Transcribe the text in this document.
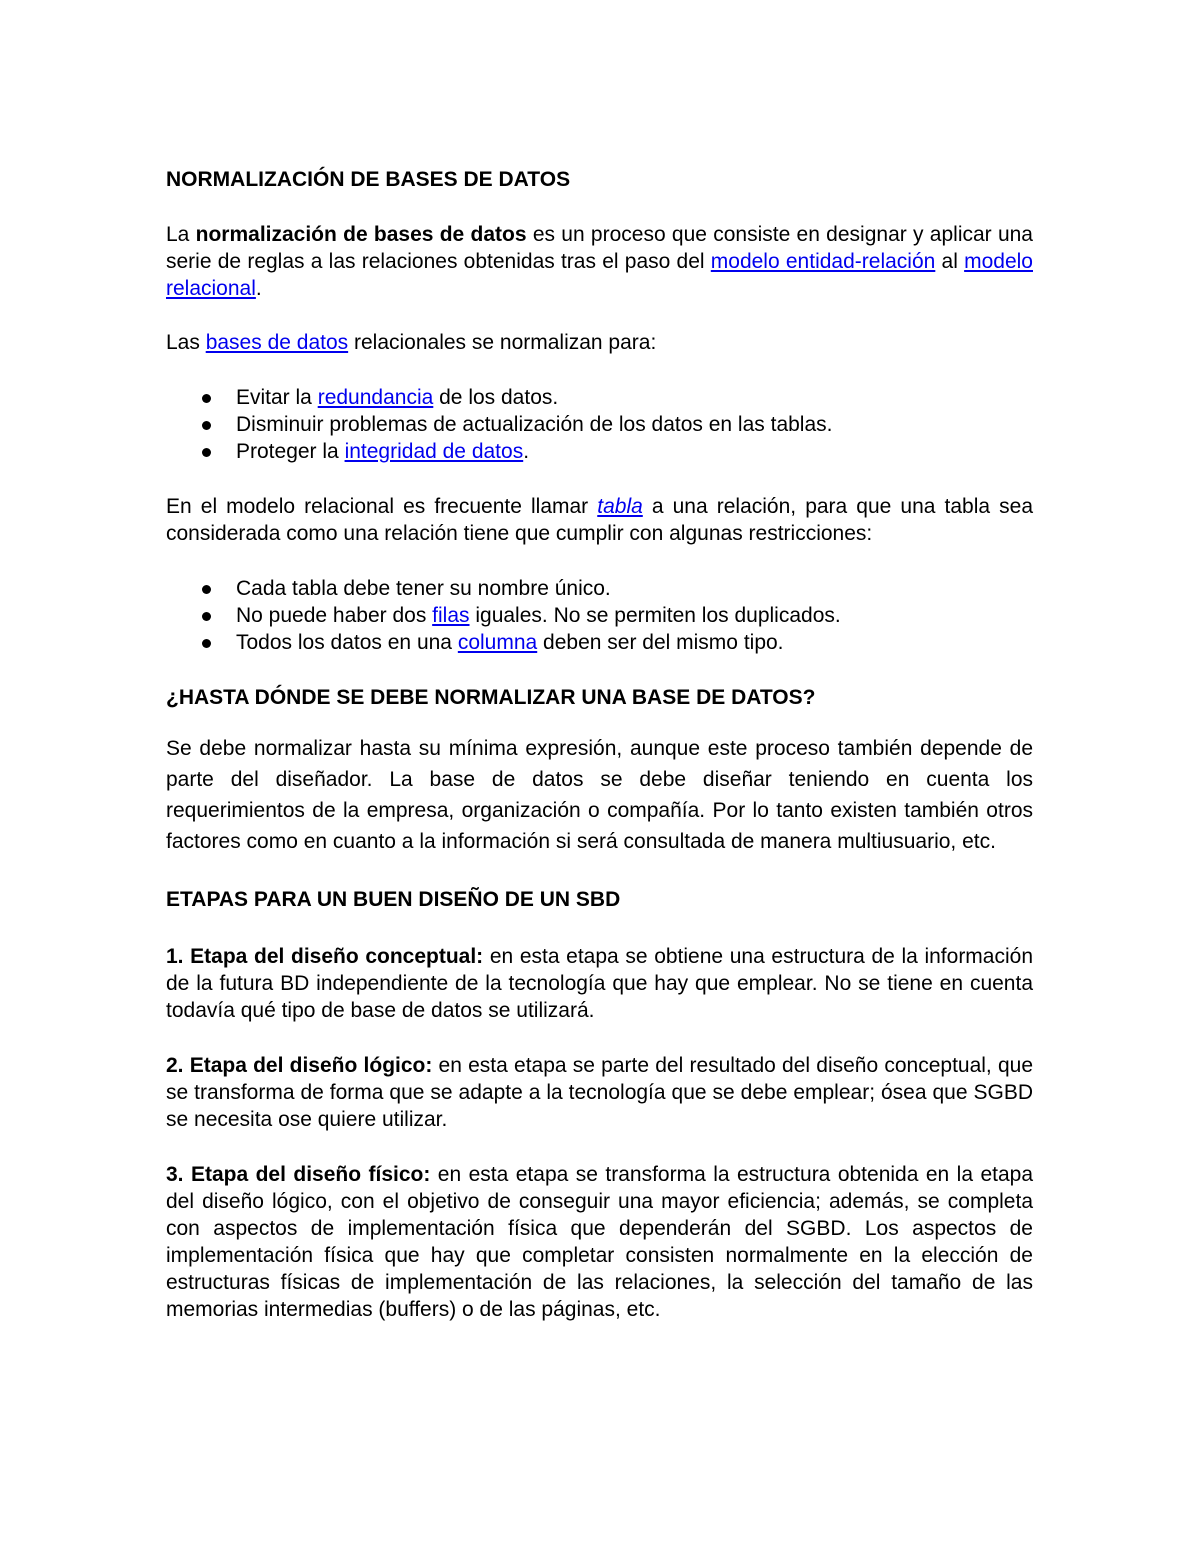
NORMALIZACIÓN DE BASES DE DATOS

La normalización de bases de datos es un proceso que consiste en designar y aplicar una serie de reglas a las relaciones obtenidas tras el paso del modelo entidad-relación al modelo relacional.

Las bases de datos relacionales se normalizan para:

Evitar la redundancia de los datos.
Disminuir problemas de actualización de los datos en las tablas.
Proteger la integridad de datos.

En el modelo relacional es frecuente llamar tabla a una relación, para que una tabla sea considerada como una relación tiene que cumplir con algunas restricciones:

Cada tabla debe tener su nombre único.
No puede haber dos filas iguales. No se permiten los duplicados.
Todos los datos en una columna deben ser del mismo tipo.

¿HASTA DÓNDE SE DEBE NORMALIZAR UNA BASE DE DATOS?

Se debe normalizar hasta su mínima expresión, aunque este proceso también depende de parte del diseñador. La base de datos se debe diseñar teniendo en cuenta los requerimientos de la empresa, organización o compañía. Por lo tanto existen también otros factores como en cuanto a la información si será consultada de manera multiusuario, etc.

ETAPAS PARA UN BUEN DISEÑO DE UN SBD

1. Etapa del diseño conceptual: en esta etapa se obtiene una estructura de la información de la futura BD independiente de la tecnología que hay que emplear. No se tiene en cuenta todavía qué tipo de base de datos se utilizará.

2. Etapa del diseño lógico: en esta etapa se parte del resultado del diseño conceptual, que se transforma de forma que se adapte a la tecnología que se debe emplear; ósea que SGBD se necesita ose quiere utilizar.

3. Etapa del diseño físico: en esta etapa se transforma la estructura obtenida en la etapa del diseño lógico, con el objetivo de conseguir una mayor eficiencia; además, se completa con aspectos de implementación física que dependerán del SGBD. Los aspectos de implementación física que hay que completar consisten normalmente en la elección de estructuras físicas de implementación de las relaciones, la selección del tamaño de las memorias intermedias (buffers) o de las páginas, etc.
